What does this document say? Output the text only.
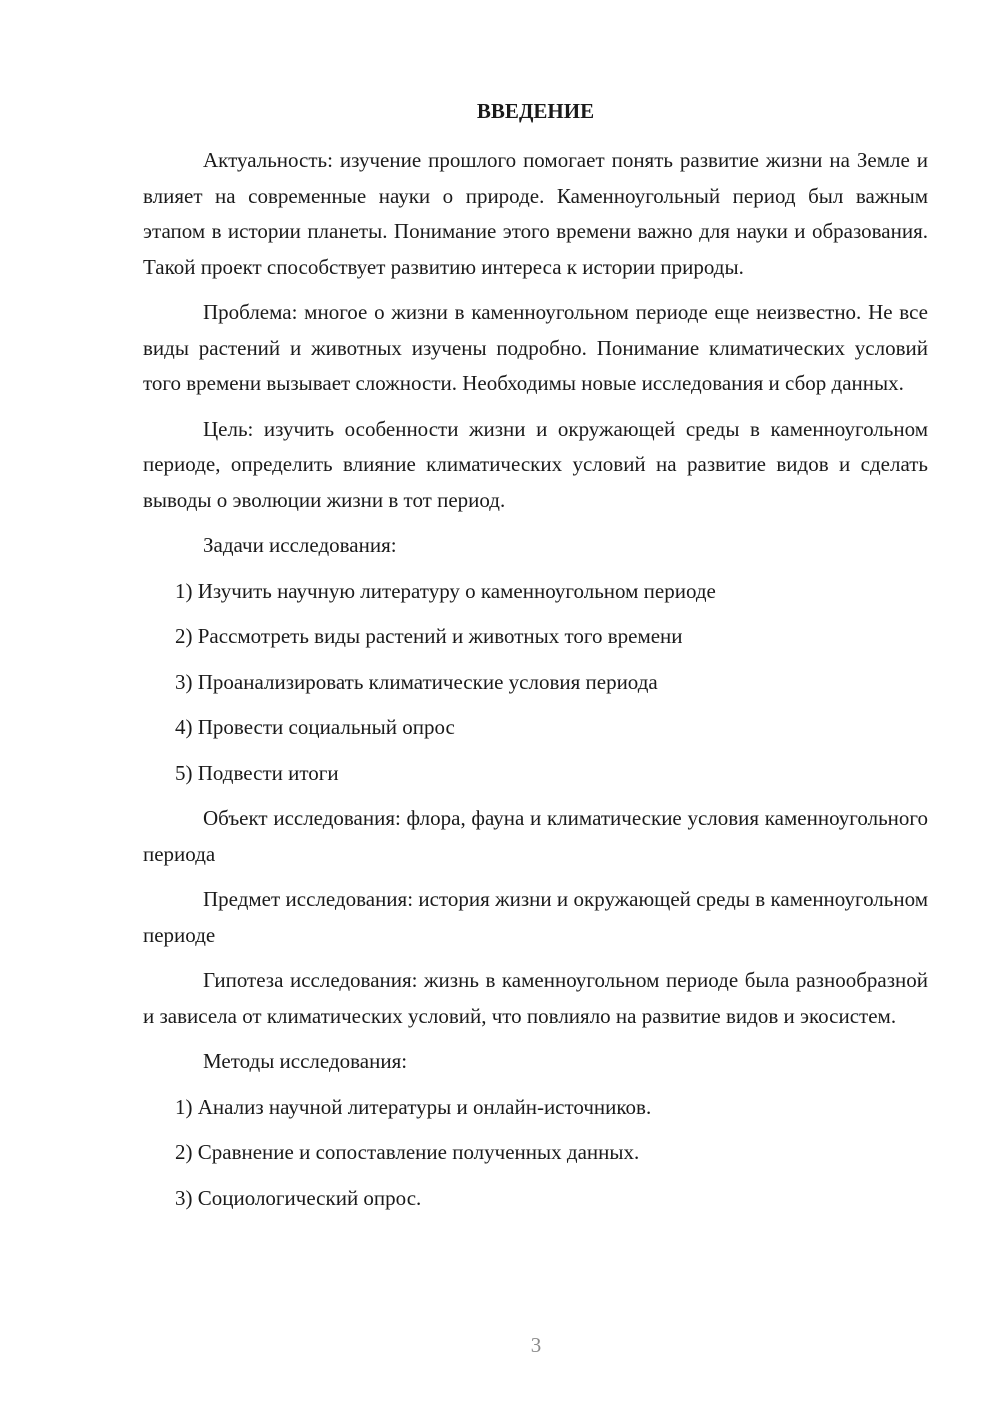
ВВЕДЕНИЕ

Актуальность: изучение прошлого помогает понять развитие жизни на Земле и влияет на современные науки о природе. Каменноугольный период был важным этапом в истории планеты. Понимание этого времени важно для науки и образования. Такой проект способствует развитию интереса к истории природы.

Проблема: многое о жизни в каменноугольном периоде еще неизвестно. Не все виды растений и животных изучены подробно. Понимание климатических условий того времени вызывает сложности. Необходимы новые исследования и сбор данных.

Цель: изучить особенности жизни и окружающей среды в каменноугольном периоде, определить влияние климатических условий на развитие видов и сделать выводы о эволюции жизни в тот период.

Задачи исследования:
1) Изучить научную литературу о каменноугольном периоде
2) Рассмотреть виды растений и животных того времени
3) Проанализировать климатические условия периода
4) Провести социальный опрос
5) Подвести итоги

Объект исследования: флора, фауна и климатические условия каменноугольного периода

Предмет исследования: история жизни и окружающей среды в каменноугольном периоде

Гипотеза исследования: жизнь в каменноугольном периоде была разнообразной и зависела от климатических условий, что повлияло на развитие видов и экосистем.

Методы исследования:
1) Анализ научной литературы и онлайн-источников.
2) Сравнение и сопоставление полученных данных.
3) Социологический опрос.
3
